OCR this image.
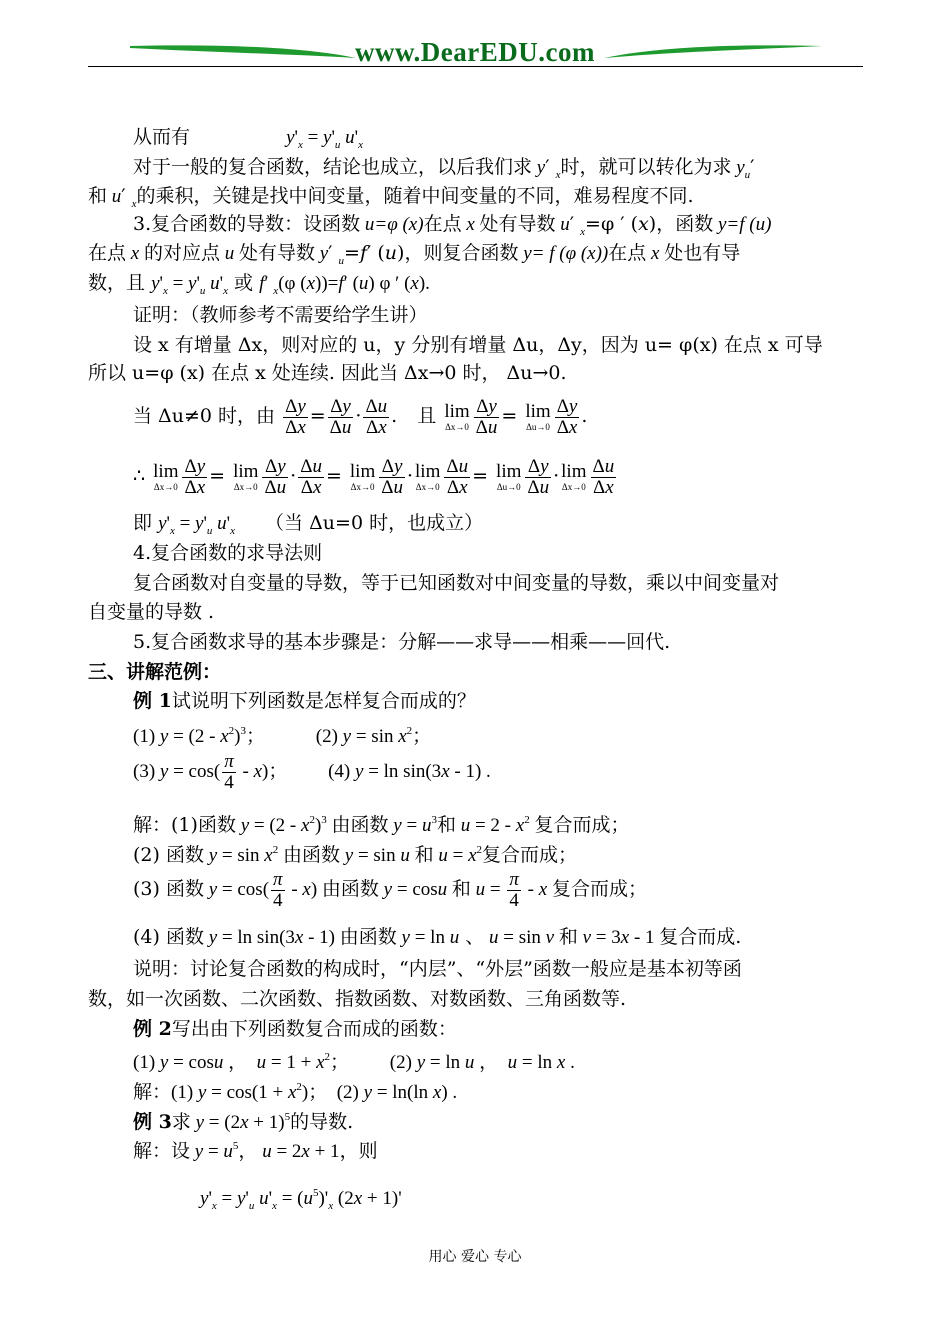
www.DearEDU.com
从而有	$y'_x = y'_u$ $u'_x$
对于一般的复合函数，结论也成立，以后我们求 y′ $_x$时，就可以转化为求 $y_u'$
和 u′ $_x$的乘积，关键是找中间变量，随着中间变量的不同，难易程度不同.
3.复合函数的导数：设函数 u=φ (x)在点 x 处有导数 u′ $_x$=φ ′ (x)，函数 y=f (u)
在点 x 的对应点 u 处有导数 y′ $_u$=f′ (u)，则复合函数 y= f (φ (x))在点 x 处也有导
数，且 $y'_x = y'_u$ $u'_x$ 或 f′ $_x$(φ (x))=f′ (u) φ ′ (x).
证明：（教师参考不需要给学生讲）
设 x 有增量 Δx，则对应的 u，y 分别有增量 Δu，Δy，因为 u= φ(x) 在点 x 可导
所以 u=φ (x) 在点 x 处连续. 因此当 Δx→0 时， Δu→0.
当 Δu≠0 时，由 $\frac{\Delta y}{\Delta x} = \frac{\Delta y}{\Delta u} \cdot \frac{\Delta u}{\Delta x}$ . 且 lim
$\Delta x\to 0 \frac{\Delta y}{\Delta u} = \lim$
$\Delta u\to 0 \frac{\Delta y}{\Delta x}$ .
∴ lim
$\Delta x\to 0 \frac{\Delta y}{\Delta x} = \lim$
$\Delta x\to 0 \frac{\Delta y}{\Delta u} \cdot \frac{\Delta u}{\Delta x} = \lim$
$\Delta x\to 0 \frac{\Delta y}{\Delta u} \cdot \lim$
$\Delta x\to 0 \frac{\Delta u}{\Delta x} = \lim$
$\Delta u\to 0 \frac{\Delta y}{\Delta u} \cdot \lim$
$\Delta x\to 0 \frac{\Delta u}{\Delta x}$
即 $y'_x = y'_u$ $u'_x$ （当 Δu=0 时，也成立）
4.复合函数的求导法则
复合函数对自变量的导数，等于已知函数对中间变量的导数，乘以中间变量对
自变量的导数 .
5.复合函数求导的基本步骤是：分解——求导——相乘——回代.
三、讲解范例：
例 1试说明下列函数是怎样复合而成的？
(1) $y = (2 - x^2)^3$； (2) $y = \sin x^2$；
(3) $y = \cos( \frac{\pi}{4} - x)$； (4) y = ln sin(3x - 1) .
解：(1)函数 $y = (2 - x^2)^3$ 由函数 $y = u^3$和 $u = 2 - x^2$ 复合而成；
(2) 函数 $y = \sin x^2$ 由函数 y = sin u 和 $u = x^2$复合而成；
(3) 函数 $y = \cos( \frac{\pi}{4} - x)$ 由函数 y = cosu 和 $u = \frac{\pi}{4} - x$ 复合而成；
(4) 函数 y = ln sin(3x - 1) 由函数 y = ln u 、 u = sin v 和 v = 3x - 1 复合而成.
说明：讨论复合函数的构成时，“内层”、“外层”函数一般应是基本初等函
数，如一次函数、二次函数、指数函数、对数函数、三角函数等.
例 2写出由下列函数复合而成的函数：
(1) y = cosu ，  $u = 1 + x^2$； (2) y = ln u ，  u = ln x .
解：(1) $y = \cos(1 + x^2)$；  (2) y = ln(ln x) .
例 3求 $y = (2x + 1)^5$的导数.
解：设 $y = u^5$， u = 2x + 1，则
$y'_x = y'_u$ $u'_x = (u^5)'_x$ (2x + 1)'
用心 爱心 专心
